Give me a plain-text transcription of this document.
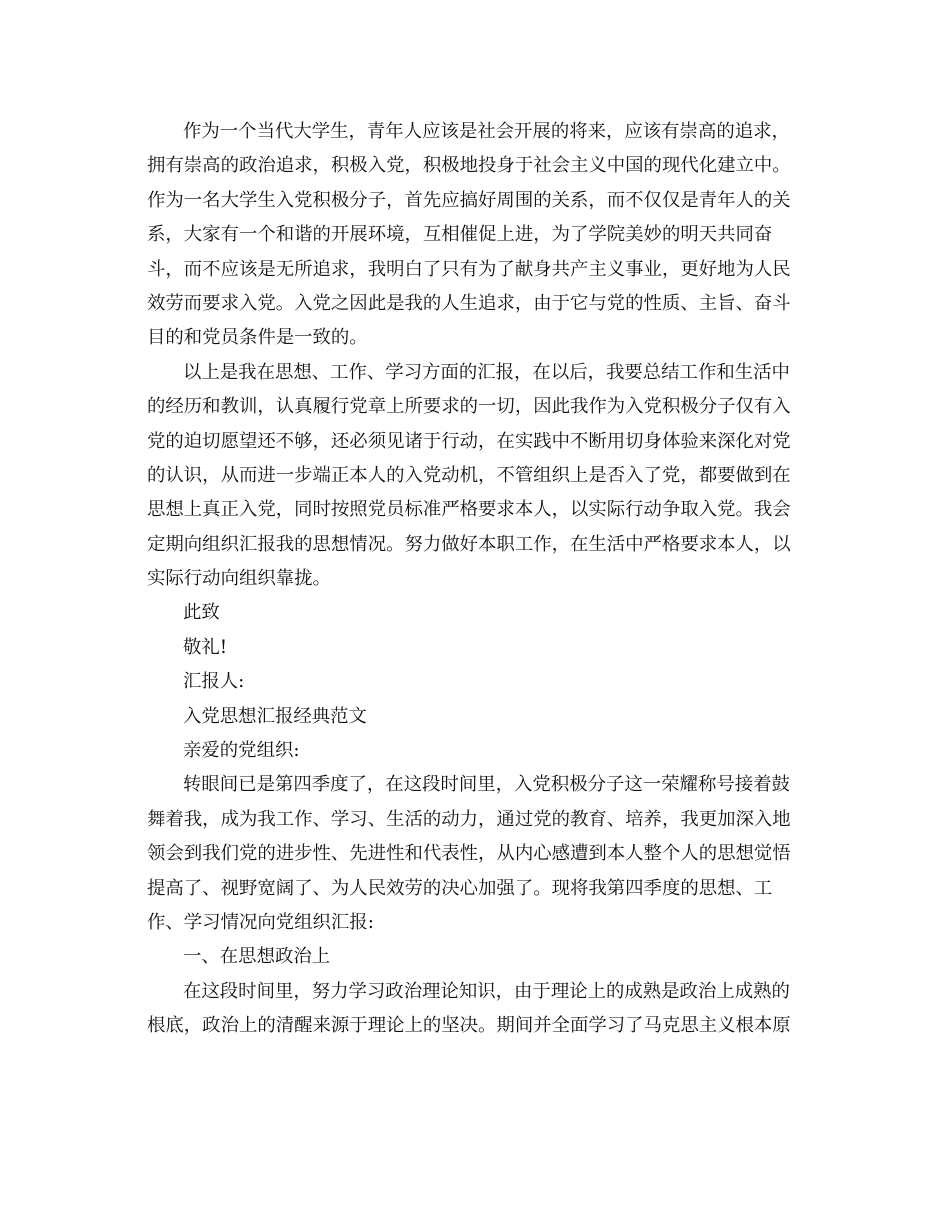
作为一个当代大学生，青年人应该是社会开展的将来，应该有崇高的追求，
拥有崇高的政治追求，积极入党，积极地投身于社会主义中国的现代化建立中。
作为一名大学生入党积极分子，首先应搞好周围的关系，而不仅仅是青年人的关
系，大家有一个和谐的开展环境，互相催促上进，为了学院美妙的明天共同奋
斗，而不应该是无所追求，我明白了只有为了献身共产主义事业，更好地为人民
效劳而要求入党。入党之因此是我的人生追求，由于它与党的性质、主旨、奋斗
目的和党员条件是一致的。
以上是我在思想、工作、学习方面的汇报，在以后，我要总结工作和生活中
的经历和教训，认真履行党章上所要求的一切，因此我作为入党积极分子仅有入
党的迫切愿望还不够，还必须见诸于行动，在实践中不断用切身体验来深化对党
的认识，从而进一步端正本人的入党动机，不管组织上是否入了党，都要做到在
思想上真正入党，同时按照党员标准严格要求本人，以实际行动争取入党。我会
定期向组织汇报我的思想情况。努力做好本职工作，在生活中严格要求本人，以
实际行动向组织靠拢。
此致
敬礼!
汇报人:
入党思想汇报经典范文
亲爱的党组织:
转眼间已是第四季度了，在这段时间里，入党积极分子这一荣耀称号接着鼓
舞着我，成为我工作、学习、生活的动力，通过党的教育、培养，我更加深入地
领会到我们党的进步性、先进性和代表性，从内心感遭到本人整个人的思想觉悟
提高了、视野宽阔了、为人民效劳的决心加强了。现将我第四季度的思想、工
作、学习情况向党组织汇报:
一、在思想政治上
在这段时间里，努力学习政治理论知识，由于理论上的成熟是政治上成熟的
根底，政治上的清醒来源于理论上的坚决。期间并全面学习了马克思主义根本原
